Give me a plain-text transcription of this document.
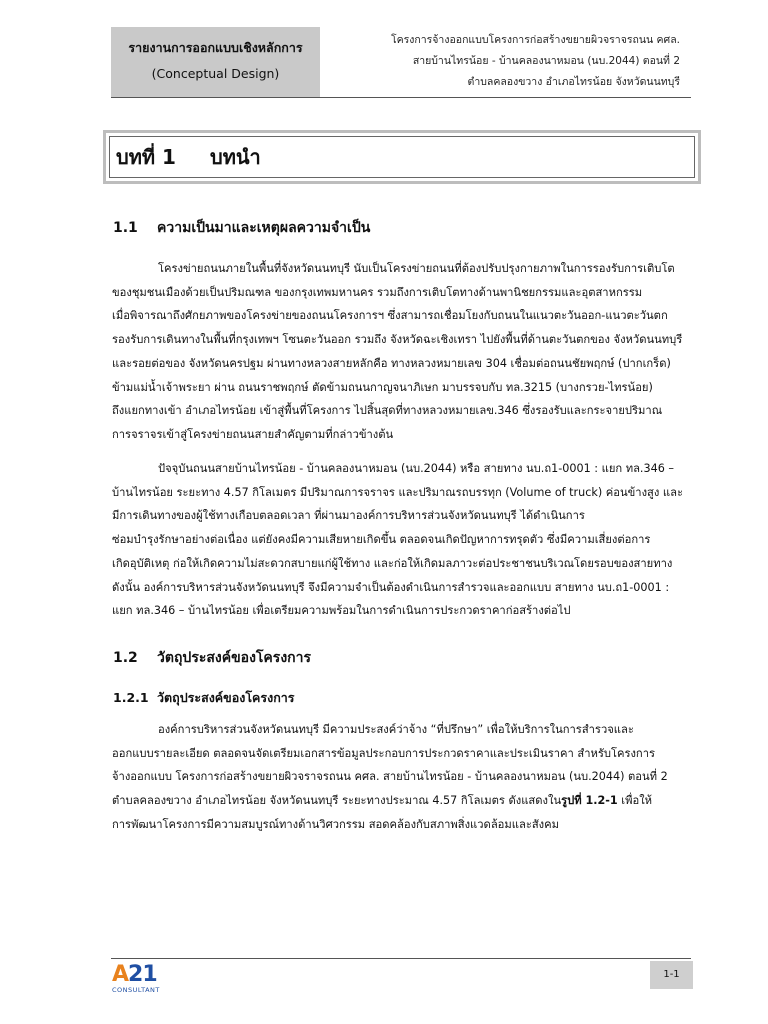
รายงานการออกแบบเชิงหลักการ
(Conceptual Design)
โครงการจ้างออกแบบโครงการก่อสร้างขยายผิวจราจรถนน คศล.
สายบ้านไทรน้อย - บ้านคลองนาหมอน (นบ.2044) ตอนที่ 2
ตำบลคลองขวาง อำเภอไทรน้อย จังหวัดนนทบุรี
บทที่ 1	บทนำ
1.1 ความเป็นมาและเหตุผลความจำเป็น
โครงข่ายถนนภายในพื้นที่จังหวัดนนทบุรี นับเป็นโครงข่ายถนนที่ต้องปรับปรุงกายภาพในการรองรับการเติบโต
ของชุมชนเมืองด้วยเป็นปริมณฑล ของกรุงเทพมหานคร รวมถึงการเติบโตทางด้านพานิชยกรรมและอุตสาหกรรม
เมื่อพิจารณาถึงศักยภาพของโครงข่ายของถนนโครงการฯ ซึ่งสามารถเชื่อมโยงกับถนนในแนวตะวันออก-แนวตะวันตก
รองรับการเดินทางในพื้นที่กรุงเทพฯ โซนตะวันออก รวมถึง จังหวัดฉะเชิงเทรา ไปยังพื้นที่ด้านตะวันตกของ จังหวัดนนทบุรี
และรอยต่อของ จังหวัดนครปฐม ผ่านทางหลวงสายหลักคือ ทางหลวงหมายเลข 304 เชื่อมต่อถนนชัยพฤกษ์ (ปากเกร็ด)
ข้ามแม่น้ำเจ้าพระยา ผ่าน ถนนราชพฤกษ์ ตัดข้ามถนนกาญจนาภิเษก มาบรรจบกับ ทล.3215 (บางกรวย-ไทรน้อย)
ถึงแยกทางเข้า อำเภอไทรน้อย เข้าสู่พื้นที่โครงการ ไปสิ้นสุดที่ทางหลวงหมายเลข.346 ซึ่งรองรับและกระจายปริมาณ
การจราจรเข้าสู่โครงข่ายถนนสายสำคัญตามที่กล่าวข้างต้น
ปัจจุบันถนนสายบ้านไทรน้อย - บ้านคลองนาหมอน (นบ.2044) หรือ สายทาง นบ.ถ1-0001 : แยก ทล.346 –
บ้านไทรน้อย ระยะทาง 4.57 กิโลเมตร มีปริมาณการจราจร และปริมาณรถบรรทุก (Volume of truck) ค่อนข้างสูง และ
มีการเดินทางของผู้ใช้ทางเกือบตลอดเวลา ที่ผ่านมาองค์การบริหารส่วนจังหวัดนนทบุรี ได้ดำเนินการ
ซ่อมบำรุงรักษาอย่างต่อเนื่อง แต่ยังคงมีความเสียหายเกิดขึ้น ตลอดจนเกิดปัญหาการทรุดตัว ซึ่งมีความเสี่ยงต่อการ
เกิดอุบัติเหตุ ก่อให้เกิดความไม่สะดวกสบายแก่ผู้ใช้ทาง และก่อให้เกิดมลภาวะต่อประชาชนบริเวณโดยรอบของสายทาง
ดังนั้น องค์การบริหารส่วนจังหวัดนนทบุรี จึงมีความจำเป็นต้องดำเนินการสำรวจและออกแบบ สายทาง นบ.ถ1-0001 :
แยก ทล.346 – บ้านไทรน้อย เพื่อเตรียมความพร้อมในการดำเนินการประกวดราคาก่อสร้างต่อไป
1.2 วัตถุประสงค์ของโครงการ
1.2.1 วัตถุประสงค์ของโครงการ
องค์การบริหารส่วนจังหวัดนนทบุรี มีความประสงค์ว่าจ้าง “ที่ปรึกษา” เพื่อให้บริการในการสำรวจและ
ออกแบบรายละเอียด ตลอดจนจัดเตรียมเอกสารข้อมูลประกอบการประกวดราคาและประเมินราคา สำหรับโครงการ
จ้างออกแบบ โครงการก่อสร้างขยายผิวจราจรถนน คศล. สายบ้านไทรน้อย - บ้านคลองนาหมอน (นบ.2044) ตอนที่ 2
ตำบลคลองขวาง อำเภอไทรน้อย จังหวัดนนทบุรี ระยะทางประมาณ 4.57 กิโลเมตร ดังแสดงในรูปที่ 1.2-1 เพื่อให้
การพัฒนาโครงการมีความสมบูรณ์ทางด้านวิศวกรรม สอดคล้องกับสภาพสิ่งแวดล้อมและสังคม
A21
CONSULTANT
1-1
